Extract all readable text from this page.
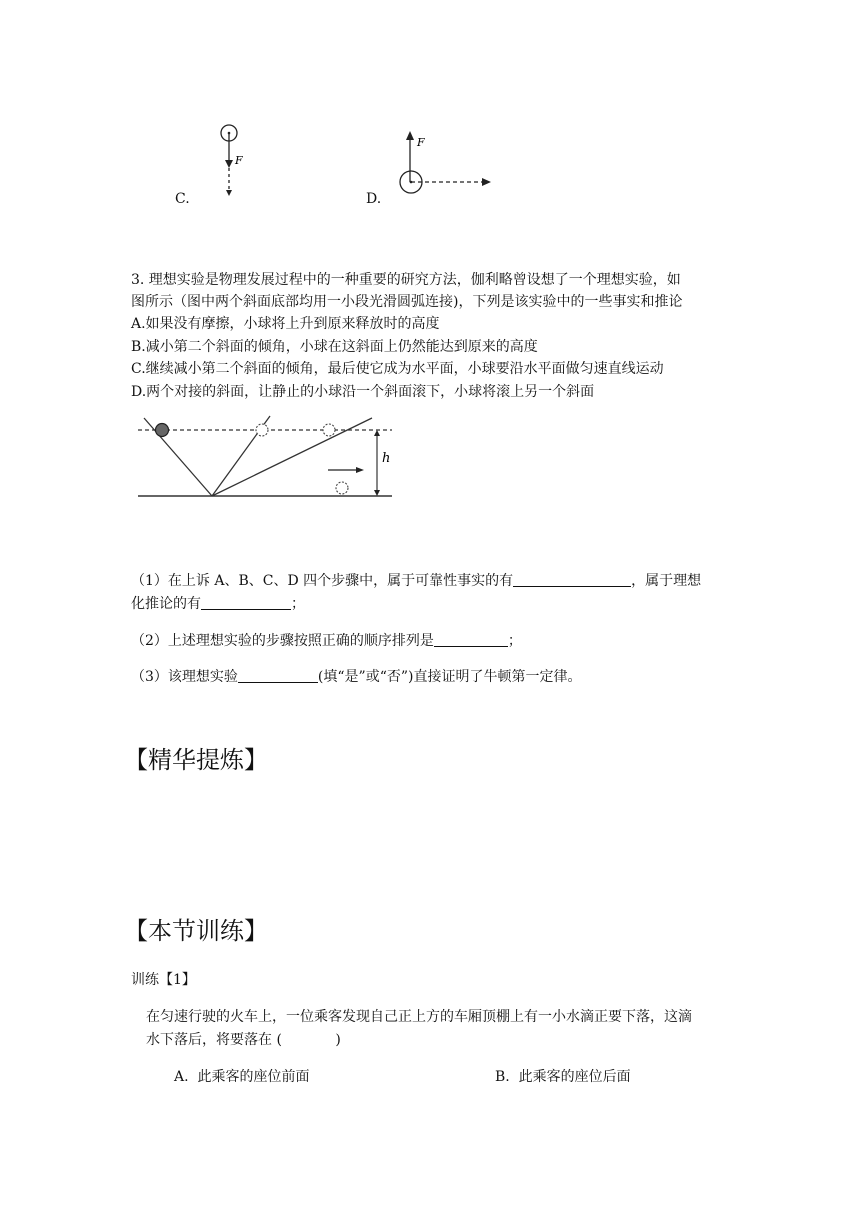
F
C.
F
D.
3. 理想实验是物理发展过程中的一种重要的研究方法，伽利略曾设想了一个理想实验，如
图所示（图中两个斜面底部均用一小段光滑圆弧连接)，下列是该实验中的一些事实和推论
A.如果没有摩擦，小球将上升到原来释放时的高度
B.减小第二个斜面的倾角，小球在这斜面上仍然能达到原来的高度
C.继续减小第二个斜面的倾角，最后使它成为水平面，小球要沿水平面做匀速直线运动
D.两个对接的斜面，让静止的小球沿一个斜面滚下，小球将滚上另一个斜面
h
（1）在上诉 A、B、C、D 四个步骤中，属于可靠性事实的有	，属于理想
化推论的有	；
（2）上述理想实验的步骤按照正确的顺序排列是	；
（3）该理想实验	(填“是”或“否”)直接证明了牛顿第一定律。
【精华提炼】
【本节训练】
训练【1】
在匀速行驶的火车上，一位乘客发现自己正上方的车厢顶棚上有一小水滴正要下落，这滴
水下落后，将要落在 (            )
A.  此乘客的座位前面	B.  此乘客的座位后面
